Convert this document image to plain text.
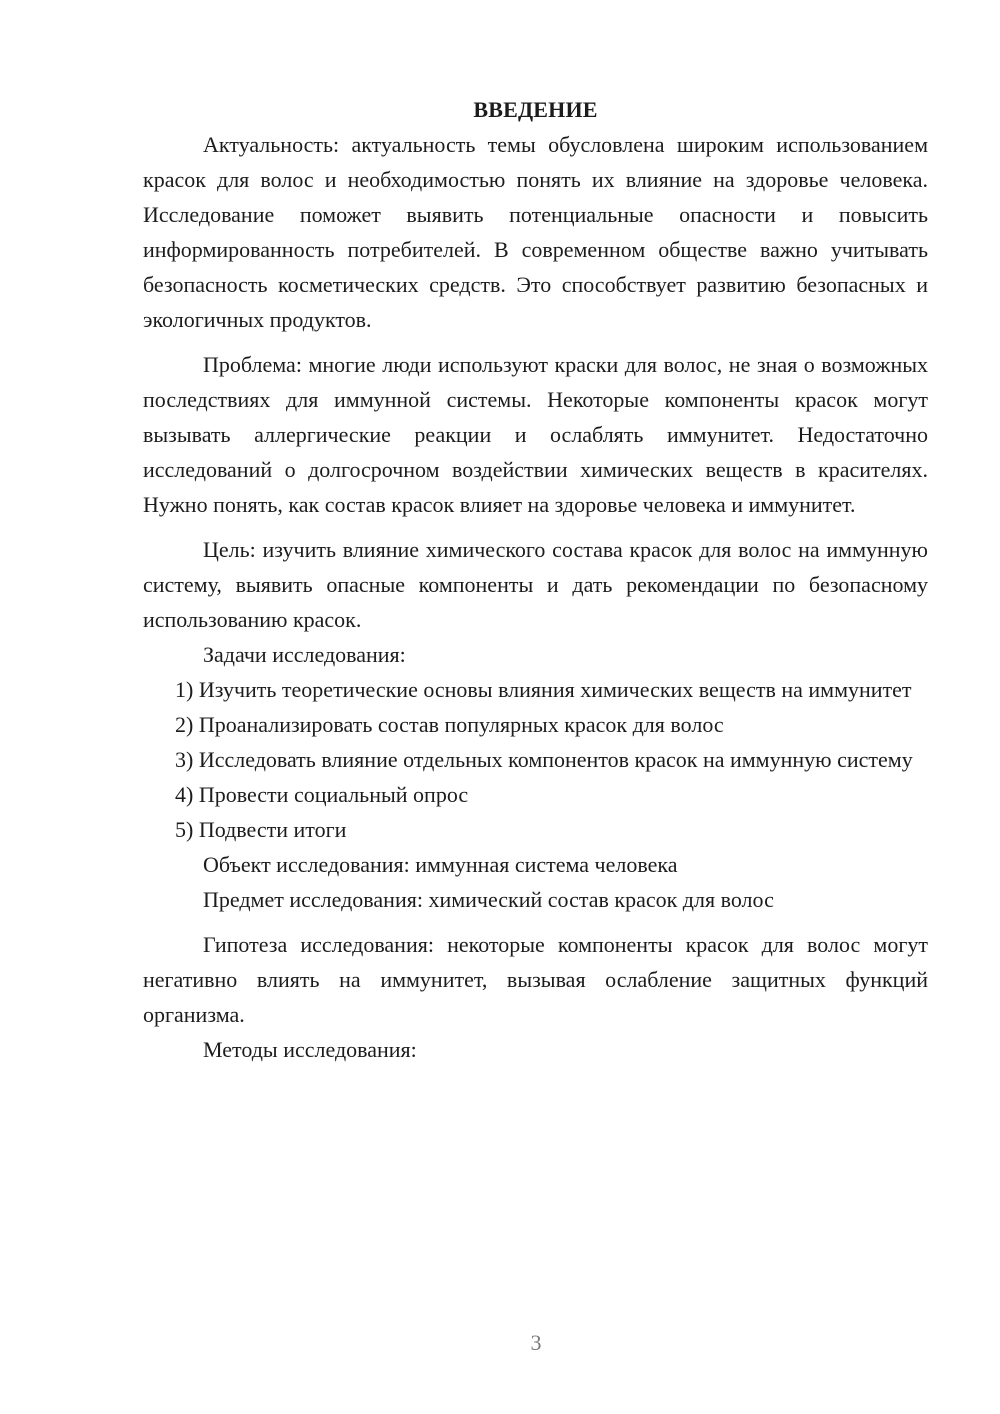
ВВЕДЕНИЕ

Актуальность: актуальность темы обусловлена широким использованием красок для волос и необходимостью понять их влияние на здоровье человека. Исследование поможет выявить потенциальные опасности и повысить информированность потребителей. В современном обществе важно учитывать безопасность косметических средств. Это способствует развитию безопасных и экологичных продуктов.

Проблема: многие люди используют краски для волос, не зная о возможных последствиях для иммунной системы. Некоторые компоненты красок могут вызывать аллергические реакции и ослаблять иммунитет. Недостаточно исследований о долгосрочном воздействии химических веществ в красителях. Нужно понять, как состав красок влияет на здоровье человека и иммунитет.

Цель: изучить влияние химического состава красок для волос на иммунную систему, выявить опасные компоненты и дать рекомендации по безопасному использованию красок.

Задачи исследования:

1) Изучить теоретические основы влияния химических веществ на иммунитет

2) Проанализировать состав популярных красок для волос

3) Исследовать влияние отдельных компонентов красок на иммунную систему

4) Провести социальный опрос

5) Подвести итоги

Объект исследования: иммунная система человека

Предмет исследования: химический состав красок для волос

Гипотеза исследования: некоторые компоненты красок для волос могут негативно влиять на иммунитет, вызывая ослабление защитных функций организма.

Методы исследования:

3
